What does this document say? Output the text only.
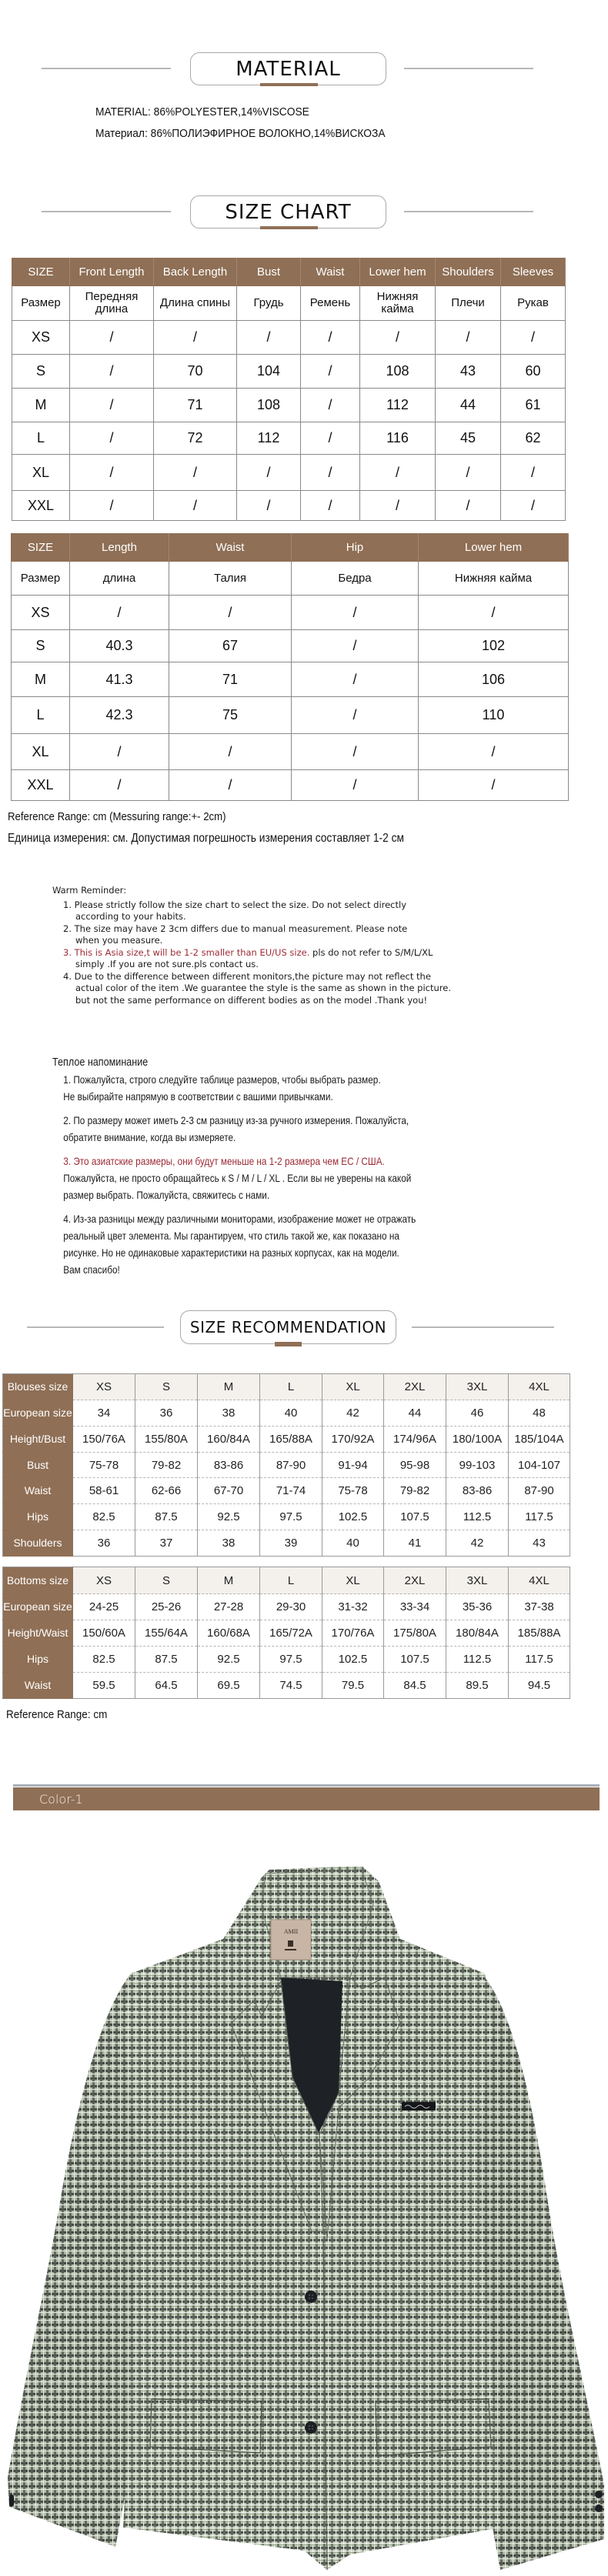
MATERIAL
MATERIAL: 86%POLYESTER,14%VISCOSE
Материал: 86%ПОЛИЭФИРНОЕ ВОЛОКНО,14%ВИСКОЗА
SIZE CHART
SIZE	Front Length	Back Length	Bust	Waist	Lower hem	Shoulders	Sleeves
Размер	Передняя длина	Длина спины	Грудь	Ремень	Нижняя кайма	Плечи	Рукав
XS	/	/	/	/	/	/	/
S	/	70	104	/	108	43	60
M	/	71	108	/	112	44	61
L	/	72	112	/	116	45	62
XL	/	/	/	/	/	/	/
XXL	/	/	/	/	/	/	/
SIZE	Length	Waist	Hip	Lower hem
Размер	длина	Талия	Бедра	Нижняя кайма
XS	/	/	/	/
S	40.3	67	/	102
M	41.3	71	/	106
L	42.3	75	/	110
XL	/	/	/	/
XXL	/	/	/	/
Reference Range: cm (Messuring range:+- 2cm)
Единица измерения: см. Допустимая погрешность измерения составляет 1-2 см
Warm Reminder:
1. Please strictly follow the size chart to select the size. Do not select directly
according to your habits.
2. The size may have 2 3cm differs due to manual measurement. Please note
when you measure.
3. This is Asia size,t will be 1-2 smaller than EU/US size. pls do not refer to S/M/L/XL
simply .If you are not sure.pls contact us.
4. Due to the difference between different monitors,the picture may not reflect the
actual color of the item .We guarantee the style is the same as shown in the picture.
but not the same performance on different bodies as on the model .Thank you!
Теплое напоминание
1. Пожалуйста, строго следуйте таблице размеров, чтобы выбрать размер.
Не выбирайте напрямую в соответствии с вашими привычками.
2. По размеру может иметь 2-3 см разницу из-за ручного измерения. Пожалуйста,
обратите внимание, когда вы измеряете.
3. Это азиатские размеры, они будут меньше на 1-2 размера чем ЕС / США.
Пожалуйста, не просто обращайтесь к S / M / L / XL . Если вы не уверены на какой
размер выбрать. Пожалуйста, свяжитесь с нами.
4. Из-за разницы между различными мониторами, изображение может не отражать
реальный цвет элемента. Мы гарантируем, что стиль такой же, как показано на
рисунке. Но не одинаковые характеристики на разных корпусах, как на модели.
Вам спасибо!
SIZE RECOMMENDATION
Blouses size	XS	S	M	L	XL	2XL	3XL	4XL
European size	34	36	38	40	42	44	46	48
Height/Bust	150/76A	155/80A	160/84A	165/88A	170/92A	174/96A	180/100A	185/104A
Bust	75-78	79-82	83-86	87-90	91-94	95-98	99-103	104-107
Waist	58-61	62-66	67-70	71-74	75-78	79-82	83-86	87-90
Hips	82.5	87.5	92.5	97.5	102.5	107.5	112.5	117.5
Shoulders	36	37	38	39	40	41	42	43
Bottoms size	XS	S	M	L	XL	2XL	3XL	4XL
European size	24-25	25-26	27-28	29-30	31-32	33-34	35-36	37-38
Height/Waist	150/60A	155/64A	160/68A	165/72A	170/76A	175/80A	180/84A	185/88A
Hips	82.5	87.5	92.5	97.5	102.5	107.5	112.5	117.5
Waist	59.5	64.5	69.5	74.5	79.5	84.5	89.5	94.5
Reference Range: cm
Color-1
AMII
